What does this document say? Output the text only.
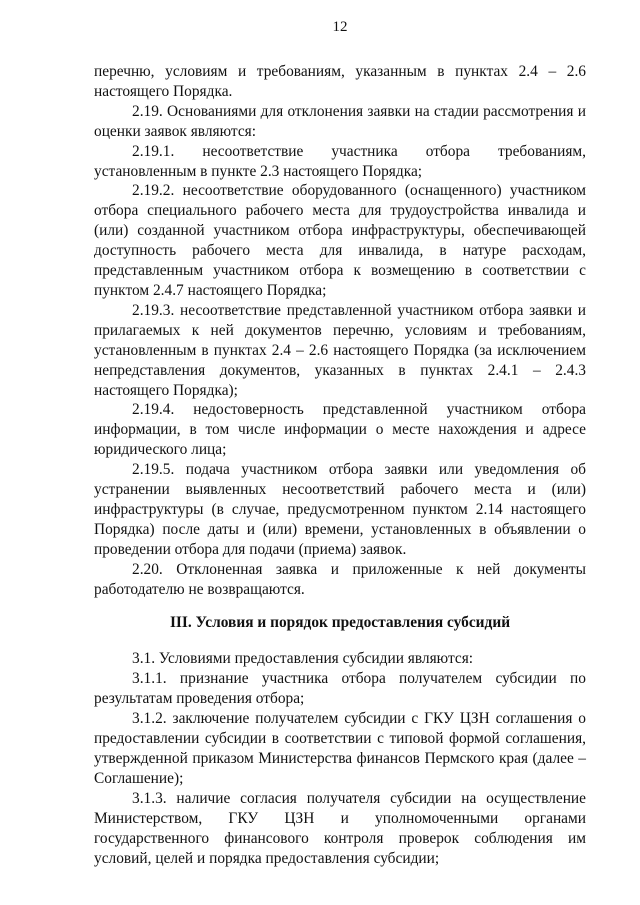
12

перечню, условиям и требованиям, указанным в пунктах 2.4 – 2.6 настоящего Порядка.

2.19. Основаниями для отклонения заявки на стадии рассмотрения и оценки заявок являются:

2.19.1. несоответствие участника отбора требованиям, установленным в пункте 2.3 настоящего Порядка;

2.19.2. несоответствие оборудованного (оснащенного) участником отбора специального рабочего места для трудоустройства инвалида и (или) созданной участником отбора инфраструктуры, обеспечивающей доступность рабочего места для инвалида, в натуре расходам, представленным участником отбора к возмещению в соответствии с пунктом 2.4.7 настоящего Порядка;

2.19.3. несоответствие представленной участником отбора заявки и прилагаемых к ней документов перечню, условиям и требованиям, установленным в пунктах 2.4 – 2.6 настоящего Порядка (за исключением непредставления документов, указанных в пунктах 2.4.1 – 2.4.3 настоящего Порядка);

2.19.4. недостоверность представленной участником отбора информации, в том числе информации о месте нахождения и адресе юридического лица;

2.19.5. подача участником отбора заявки или уведомления об устранении выявленных несоответствий рабочего места и (или) инфраструктуры (в случае, предусмотренном пунктом 2.14 настоящего Порядка) после даты и (или) времени, установленных в объявлении о проведении отбора для подачи (приема) заявок.

2.20. Отклоненная заявка и приложенные к ней документы работодателю не возвращаются.

III. Условия и порядок предоставления субсидий

3.1. Условиями предоставления субсидии являются:

3.1.1. признание участника отбора получателем субсидии по результатам проведения отбора;

3.1.2. заключение получателем субсидии с ГКУ ЦЗН соглашения о предоставлении субсидии в соответствии с типовой формой соглашения, утвержденной приказом Министерства финансов Пермского края (далее – Соглашение);

3.1.3. наличие согласия получателя субсидии на осуществление Министерством, ГКУ ЦЗН и уполномоченными органами государственного финансового контроля проверок соблюдения им условий, целей и порядка предоставления субсидии;
